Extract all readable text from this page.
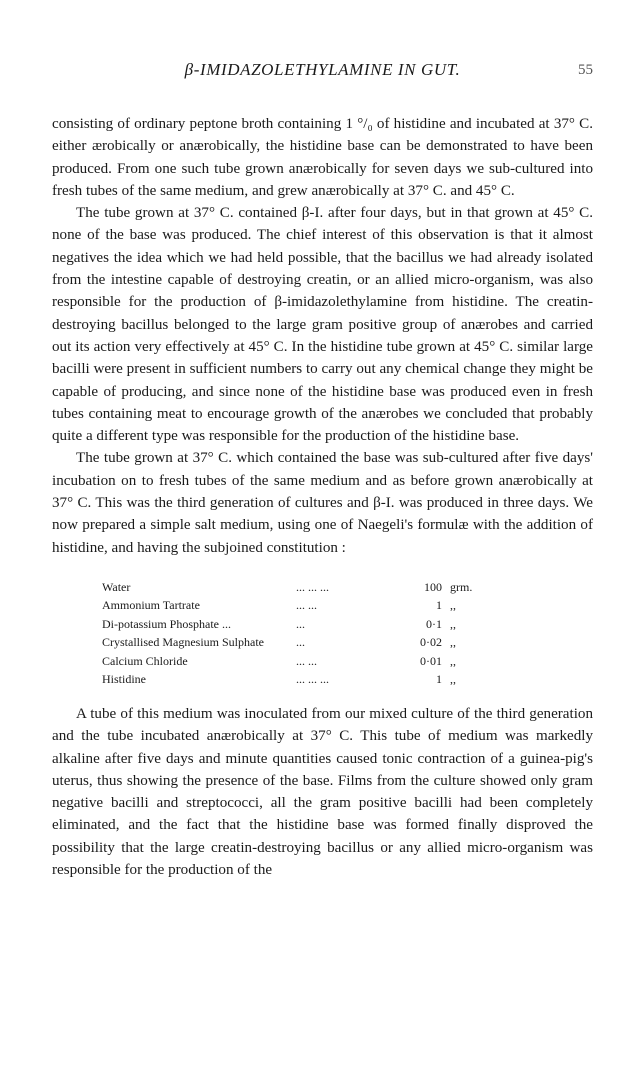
β-IMIDAZOLETHYLAMINE IN GUT.	55

consisting of ordinary peptone broth containing 1 °/₀ of histidine and incubated at 37° C. either ærobically or anærobically, the histidine base can be demonstrated to have been produced. From one such tube grown anærobically for seven days we sub-cultured into fresh tubes of the same medium, and grew anærobically at 37° C. and 45° C.

The tube grown at 37° C. contained β-I. after four days, but in that grown at 45° C. none of the base was produced. The chief interest of this observation is that it almost negatives the idea which we had held possible, that the bacillus we had already isolated from the intestine capable of destroying creatin, or an allied micro-organism, was also responsible for the production of β-imidazolethylamine from histidine. The creatin-destroying bacillus belonged to the large gram positive group of anærobes and carried out its action very effectively at 45° C. In the histidine tube grown at 45° C. similar large bacilli were present in sufficient numbers to carry out any chemical change they might be capable of producing, and since none of the histidine base was produced even in fresh tubes containing meat to encourage growth of the anærobes we concluded that probably quite a different type was responsible for the production of the histidine base.

The tube grown at 37° C. which contained the base was sub-cultured after five days' incubation on to fresh tubes of the same medium and as before grown anærobically at 37° C. This was the third generation of cultures and β-I. was produced in three days. We now prepared a simple salt medium, using one of Naegeli's formulæ with the addition of histidine, and having the subjoined constitution :

Water	... ... ...	100 grm.
Ammonium Tartrate	... ...	1 ,,
Di-potassium Phosphate ...	...	0·1 ,,
Crystallised Magnesium Sulphate	...	0·02 ,,
Calcium Chloride	... ...	0·01 ,,
Histidine	... ... ...	1 ,,

A tube of this medium was inoculated from our mixed culture of the third generation and the tube incubated anærobically at 37° C. This tube of medium was markedly alkaline after five days and minute quantities caused tonic contraction of a guinea-pig's uterus, thus showing the presence of the base. Films from the culture showed only gram negative bacilli and streptococci, all the gram positive bacilli had been completely eliminated, and the fact that the histidine base was formed finally disproved the possibility that the large creatin-destroying bacillus or any allied micro-organism was responsible for the production of the
